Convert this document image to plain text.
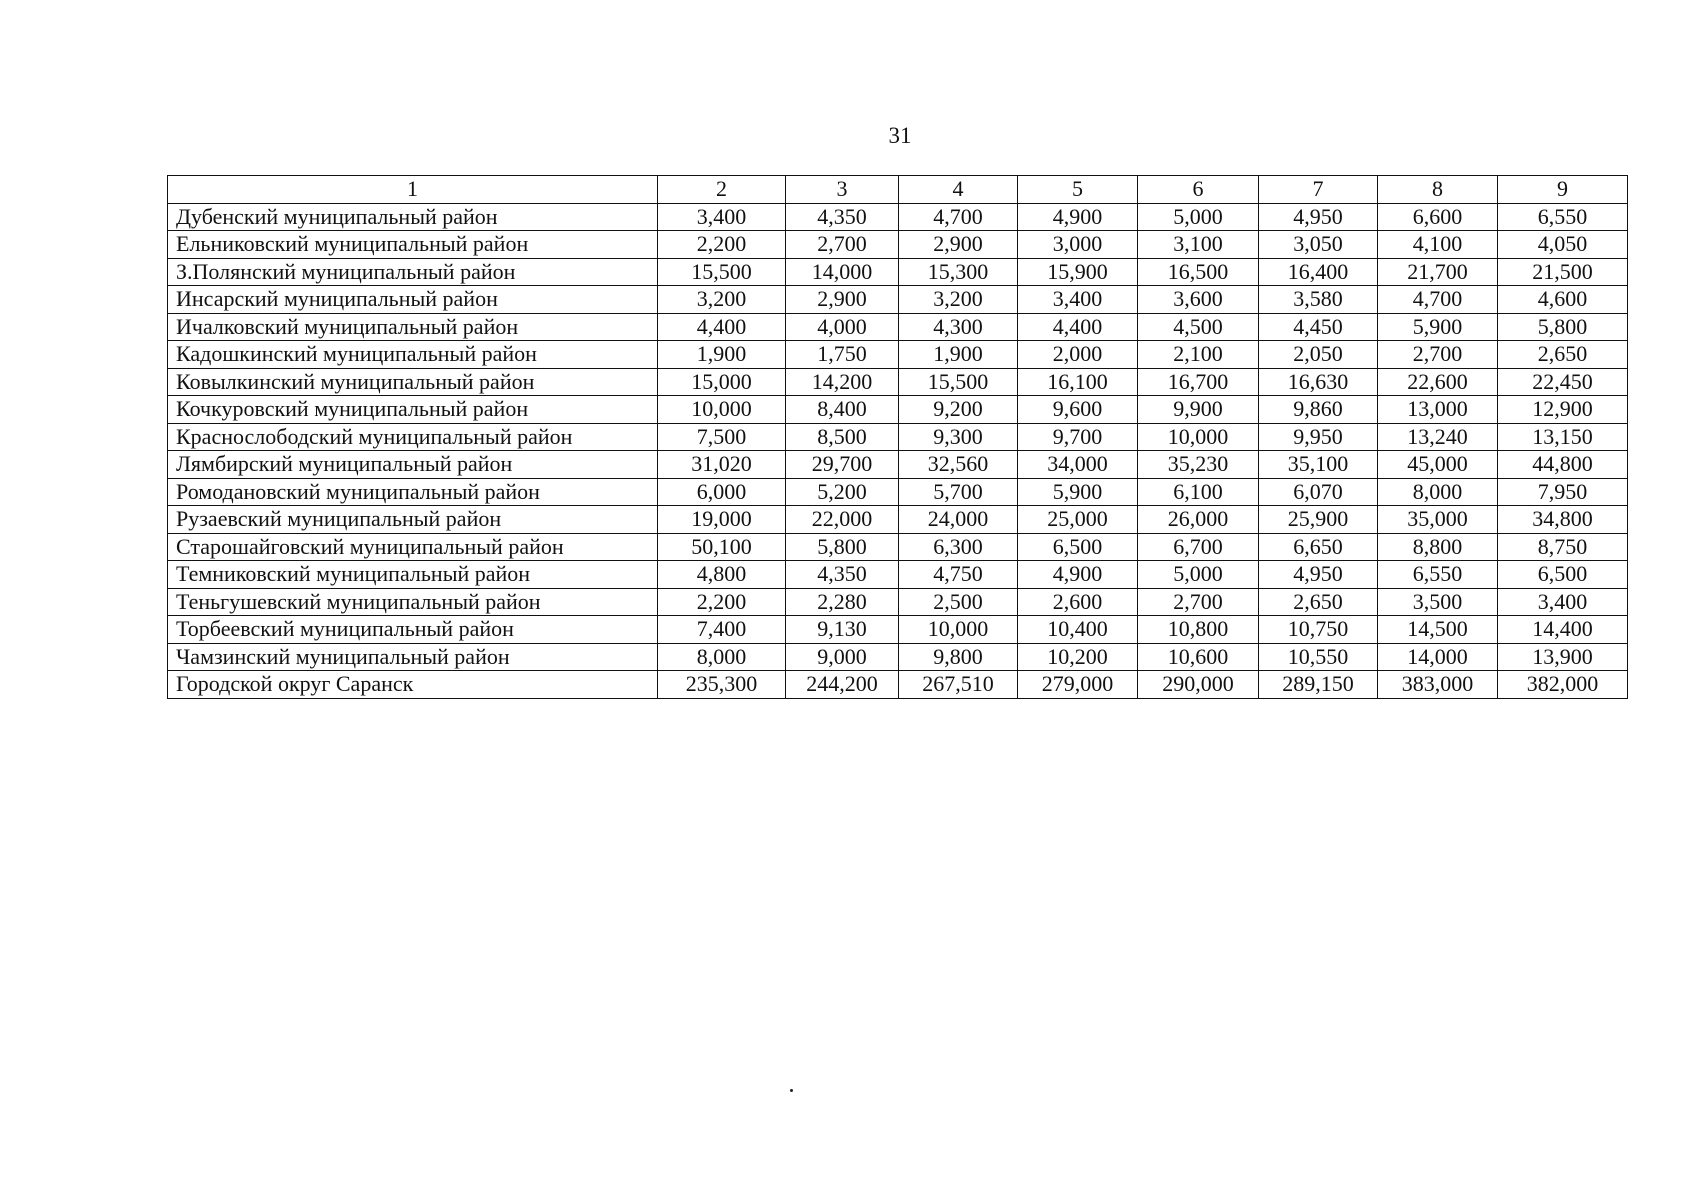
31
1	2	3	4	5	6	7	8	9
Дубенский муниципальный район	3,400	4,350	4,700	4,900	5,000	4,950	6,600	6,550
Ельниковский муниципальный район	2,200	2,700	2,900	3,000	3,100	3,050	4,100	4,050
З.Полянский муниципальный район	15,500	14,000	15,300	15,900	16,500	16,400	21,700	21,500
Инсарский муниципальный район	3,200	2,900	3,200	3,400	3,600	3,580	4,700	4,600
Ичалковский муниципальный район	4,400	4,000	4,300	4,400	4,500	4,450	5,900	5,800
Кадошкинский муниципальный район	1,900	1,750	1,900	2,000	2,100	2,050	2,700	2,650
Ковылкинский муниципальный район	15,000	14,200	15,500	16,100	16,700	16,630	22,600	22,450
Кочкуровский муниципальный район	10,000	8,400	9,200	9,600	9,900	9,860	13,000	12,900
Краснослободский муниципальный район	7,500	8,500	9,300	9,700	10,000	9,950	13,240	13,150
Лямбирский муниципальный район	31,020	29,700	32,560	34,000	35,230	35,100	45,000	44,800
Ромодановский муниципальный район	6,000	5,200	5,700	5,900	6,100	6,070	8,000	7,950
Рузаевский муниципальный район	19,000	22,000	24,000	25,000	26,000	25,900	35,000	34,800
Старошайговский муниципальный район	50,100	5,800	6,300	6,500	6,700	6,650	8,800	8,750
Темниковский муниципальный район	4,800	4,350	4,750	4,900	5,000	4,950	6,550	6,500
Теньгушевский муниципальный район	2,200	2,280	2,500	2,600	2,700	2,650	3,500	3,400
Торбеевский муниципальный район	7,400	9,130	10,000	10,400	10,800	10,750	14,500	14,400
Чамзинский муниципальный район	8,000	9,000	9,800	10,200	10,600	10,550	14,000	13,900
Городской округ Саранск	235,300	244,200	267,510	279,000	290,000	289,150	383,000	382,000
